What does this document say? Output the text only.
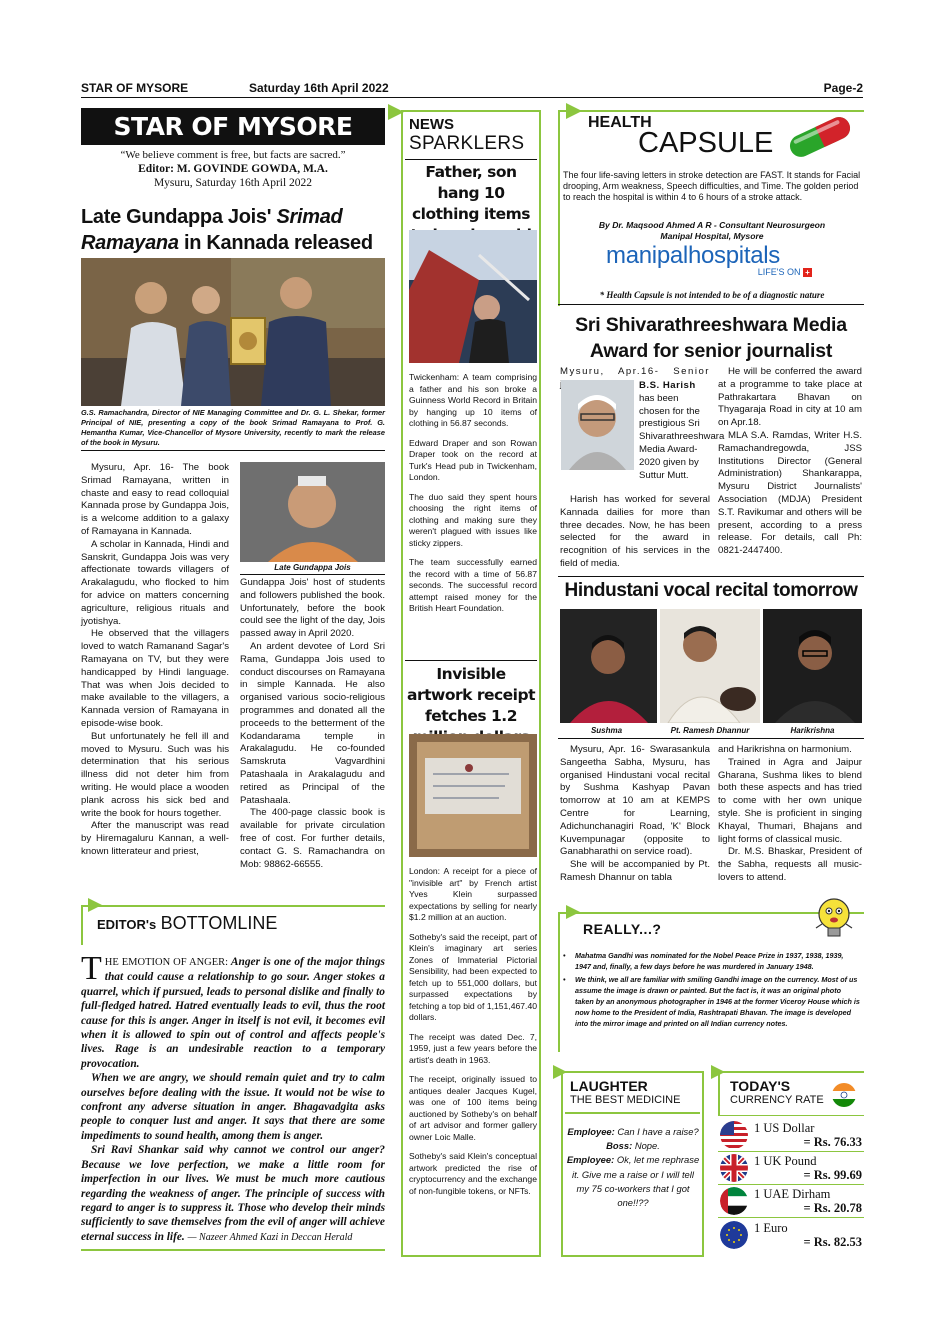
STAR OF MYSORE	Saturday 16th April 2022	Page-2
STAR OF MYSORE
“We believe comment is free, but facts are sacred.”
Editor: M. GOVINDE GOWDA, M.A.
Mysuru, Saturday 16th April 2022
Late Gundappa Jois' Srimad
Ramayana in Kannada released
G.S. Ramachandra, Director of NIE Managing Committee and Dr. G. L. Shekar, former Principal of NIE, presenting a copy of the book Srimad Ramayana to Prof. G. Hemantha Kumar, Vice-Chancellor of Mysore University, recently to mark the release of the book in Mysuru.

Mysuru, Apr. 16- The book Srimad Ramayana, written in chaste and easy to read colloquial Kannada prose by Gundappa Jois, is a welcome addition to a galaxy of Ramayana in Kannada.

A scholar in Kannada, Hindi and Sanskrit, Gundappa Jois was very affectionate towards villagers of Arakalagudu, who flocked to him for advice on matters concerning agriculture, religious rituals and jyotishya.

He observed that the villagers loved to watch Ramanand Sagar's Ramayana on TV, but they were handicapped by Hindi language. That was when Jois decided to make available to the villagers, a Kannada version of Ramayana in episode-wise book.

But unfortunately he fell ill and moved to Mysuru. Such was his determination that his serious illness did not deter him from writing. He would place a wooden plank across his sick bed and write the book for hours together.

After the manuscript was read by Hiremagaluru Kannan, a well-known litterateur and priest,

Late Gundappa Jois

Gundappa Jois' host of students and followers published the book. Unfortunately, before the book could see the light of the day, Jois passed away in April 2020.

An ardent devotee of Lord Sri Rama, Gundappa Jois used to conduct discourses on Ramayana in simple Kannada. He also organised various socio-religious programmes and donated all the proceeds to the betterment of the Kodandarama temple in Arakalagudu. He co-founded Samskruta Vagvardhini Patashaala in Arakalagudu and retired as Principal of the Patashaala.

The 400-page classic book is available for private circulation free of cost. For further details, contact G. S. Ramachandra on Mob: 98862-66555.

EDITOR's BOTTOMLINE

THE EMOTION OF ANGER: Anger is one of the major things that could cause a relationship to go sour. Anger stokes a quarrel, which if pursued, leads to personal dislike and finally to full-fledged hatred. Hatred eventually leads to evil, thus the root cause for this is anger. Anger in itself is not evil, it becomes evil when it is allowed to spin out of control and affects people's lives. Rage is an undesirable reaction to a temporary provocation.

When we are angry, we should remain quiet and try to calm ourselves before dealing with the issue. It would not be wise to confront any adverse situation in anger. Bhagavadgita asks people to conquer lust and anger. It says that there are some impediments to sound health, among them is anger.

Sri Ravi Shankar said why cannot we control our anger? Because we love perfection, we make a little room for imperfection in our lives. We must be much more cautious regarding the weakness of anger. The principle of success with regard to anger is to suppress it. Those who develop their minds sufficiently to save themselves from the evil of anger will achieve eternal success in life. — Nazeer Ahmed Kazi in Deccan Herald

NEWS
SPARKLERS
Father, son hang 10 clothing items

Twickenham: A team comprising a father and his son broke a Guinness World Record in Britain by hanging up 10 items of clothing in 56.87 seconds.

Edward Draper and son Rowan Draper took on the record at Turk's Head pub in Twickenham, London.

The duo said they spent hours choosing the right items of clothing and making sure they weren't plagued with issues like sticky zippers.

The team successfully earned the record with a time of 56.87 seconds. The successful record attempt raised money for the British Heart Foundation.

Invisible artwork receipt fetches 1.2

London: A receipt for a piece of "invisible art" by French artist Yves Klein surpassed expectations by selling for nearly $1.2 million at an auction.

Sotheby's said the receipt, part of Klein's imaginary art series Zones of Immaterial Pictorial Sensibility, had been expected to fetch up to 551,000 dollars, but surpassed expectations by fetching a top bid of 1,151,467.40 dollars.

The receipt was dated Dec. 7, 1959, just a few years before the artist's death in 1963.

The receipt, originally issued to antiques dealer Jacques Kugel, was one of 100 items being auctioned by Sotheby's on behalf of art advisor and former gallery owner Loic Malle.

Sotheby's said Klein's conceptual artwork predicted the rise of cryptocurrency and the exchange of non-fungible tokens, or NFTs.

HEALTH
CAPSULE
The four life-saving letters in stroke detection are FAST. It stands for Facial drooping, Arm weakness, Speech difficulties, and Time. The golden period to reach the hospital is within 4 to 6 hours of a stroke attack.
By Dr. Maqsood Ahmed A R - Consultant Neurosurgeon
Manipal Hospital, Mysore
manipalhospitals
LIFE'S ON +
* Health Capsule is not intended to be of a diagnostic nature
Sri Shivarathreeshwara Media Award for senior journalist
Mysuru, Apr.16- Senior
B.S. Harish
has been chosen for the prestigious Sri Shivarathreeshwara Media Award-2020 given by Suttur Mutt.

Harish has worked for several Kannada dailies for more than three decades. Now, he has been selected for the award in recognition of his services in the field of media.

He will be conferred the award at a programme to take place at Pathrakartara Bhavan on Thyagaraja Road in city at 10 am on Apr.18.

MLA S.A. Ramdas, Writer H.S. Ramachandregowda, JSS Institutions Director (General Administration) Shankarappa, Mysuru District Journalists' Association (MDJA) President S.T. Ravikumar and others will be present, according to a press release. For details, call Ph: 0821-2447400.

Hindustani vocal recital tomorrow
Sushma	Pt. Ramesh Dhannur	Harikrishna

Mysuru, Apr. 16- Swarasankula Sangeetha Sabha, Mysuru, has organised Hindustani vocal recital by Sushma Kashyap Pavan tomorrow at 10 am at KEMPS Centre for Learning, Adichunchanagiri Road, 'K' Block Kuvempunagar (opposite to Ganabharathi on service road).

She will be accompanied by Pt. Ramesh Dhannur on tabla

and Harikrishna on harmonium.

Trained in Agra and Jaipur Gharana, Sushma likes to blend both these aspects and has tried to come with her own unique style. She is proficient in singing Khayal, Thumari, Bhajans and light forms of classical music.

Dr. M.S. Bhaskar, President of the Sabha, requests all music-lovers to attend.

REALLY...?
• Mahatma Gandhi was nominated for the Nobel Peace Prize in 1937, 1938, 1939, 1947 and, finally, a few days before he was murdered in January 1948.
• We think, we all are familiar with smiling Gandhi image on the currency. Most of us assume the image is drawn or painted. But the fact is, it was an original photo taken by an anonymous photographer in 1946 at the former Viceroy House which is now home to the President of India, Rashtrapati Bhavan. The image is developed into the mirror image and printed on all Indian currency notes.
LAUGHTER
THE BEST MEDICINE
Employee: Can I have a raise?
Boss: Nope.
Employee: Ok, let me rephrase it. Give me a raise or I will tell my 75 co-workers that I got one!!??
TODAY'S
CURRENCY RATE
1 US Dollar
= Rs. 76.33
1 UK Pound
= Rs. 99.69
1 UAE Dirham
= Rs. 20.78
1 Euro
= Rs. 82.53
